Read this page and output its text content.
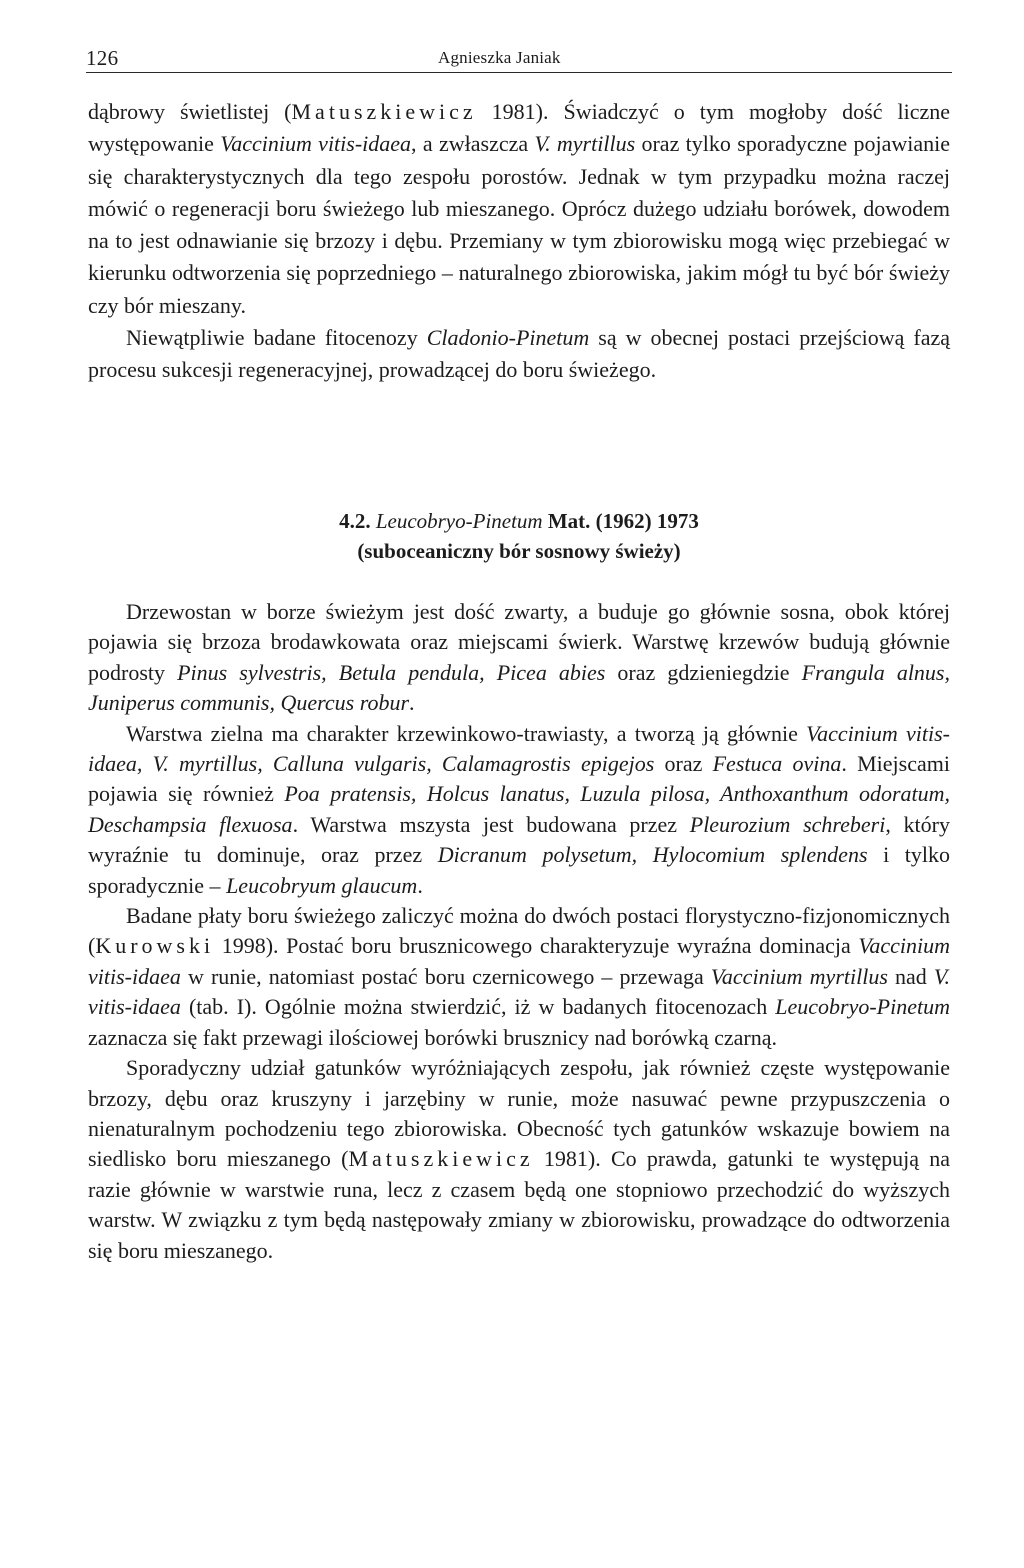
126	Agnieszka Janiak

dąbrowy świetlistej (Matuszkiewicz 1981). Świadczyć o tym mogłoby dość liczne występowanie Vaccinium vitis-idaea, a zwłaszcza V. myrtillus oraz tylko sporadyczne pojawianie się charakterystycznych dla tego zespołu porostów. Jednak w tym przypadku można raczej mówić o regeneracji boru świeżego lub mieszanego. Oprócz dużego udziału borówek, dowodem na to jest odnawianie się brzozy i dębu. Przemiany w tym zbiorowisku mogą więc przebiegać w kierunku odtworzenia się poprzedniego – naturalnego zbiorowiska, jakim mógł tu być bór świeży czy bór mieszany.

Niewątpliwie badane fitocenozy Cladonio-Pinetum są w obecnej postaci przejściową fazą procesu sukcesji regeneracyjnej, prowadzącej do boru świeżego.

4.2. Leucobryo-Pinetum Mat. (1962) 1973
(suboceaniczny bór sosnowy świeży)

Drzewostan w borze świeżym jest dość zwarty, a buduje go głównie sosna, obok której pojawia się brzoza brodawkowata oraz miejscami świerk. Warstwę krzewów budują głównie podrosty Pinus sylvestris, Betula pendula, Picea abies oraz gdzieniegdzie Frangula alnus, Juniperus communis, Quercus robur.

Warstwa zielna ma charakter krzewinkowo-trawiasty, a tworzą ją głównie Vaccinium vitis-idaea, V. myrtillus, Calluna vulgaris, Calamagrostis epigejos oraz Festuca ovina. Miejscami pojawia się również Poa pratensis, Holcus lanatus, Luzula pilosa, Anthoxanthum odoratum, Deschampsia flexuosa. Warstwa mszysta jest budowana przez Pleurozium schreberi, który wyraźnie tu dominuje, oraz przez Dicranum polysetum, Hylocomium splendens i tylko sporadycznie – Leucobryum glaucum.

Badane płaty boru świeżego zaliczyć można do dwóch postaci florystyczno-fizjonomicznych (Kurowski 1998). Postać boru brusznicowego charakteryzuje wyraźna dominacja Vaccinium vitis-idaea w runie, natomiast postać boru czernicowego – przewaga Vaccinium myrtillus nad V. vitis-idaea (tab. I). Ogólnie można stwierdzić, iż w badanych fitocenozach Leucobryo-Pinetum zaznacza się fakt przewagi ilościowej borówki brusznicy nad borówką czarną.

Sporadyczny udział gatunków wyróżniających zespołu, jak również częste występowanie brzozy, dębu oraz kruszyny i jarzębiny w runie, może nasuwać pewne przypuszczenia o nienaturalnym pochodzeniu tego zbiorowiska. Obecność tych gatunków wskazuje bowiem na siedlisko boru mieszanego (Matuszkiewicz 1981). Co prawda, gatunki te występują na razie głównie w warstwie runa, lecz z czasem będą one stopniowo przechodzić do wyższych warstw. W związku z tym będą następowały zmiany w zbiorowisku, prowadzące do odtworzenia się boru mieszanego.
